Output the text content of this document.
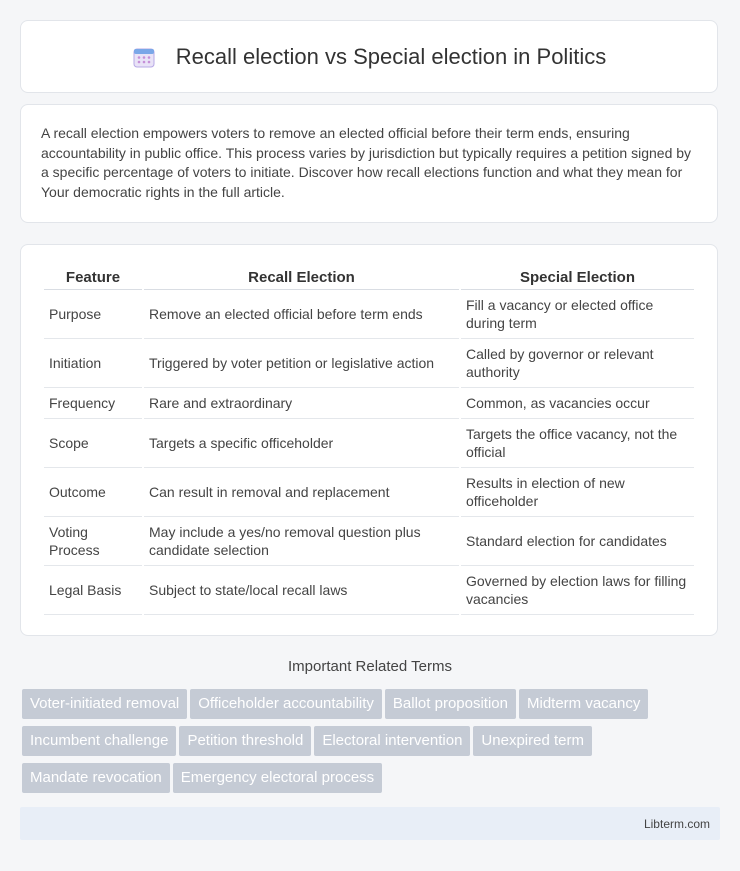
Recall election vs Special election in Politics

A recall election empowers voters to remove an elected official before their term ends, ensuring accountability in public office. This process varies by jurisdiction but typically requires a petition signed by a specific percentage of voters to initiate. Discover how recall elections function and what they mean for Your democratic rights in the full article.

Feature	Recall Election	Special Election
Purpose	Remove an elected official before term ends	Fill a vacancy or elected office during term
Initiation	Triggered by voter petition or legislative action	Called by governor or relevant authority
Frequency	Rare and extraordinary	Common, as vacancies occur
Scope	Targets a specific officeholder	Targets the office vacancy, not the official
Outcome	Can result in removal and replacement	Results in election of new officeholder
Voting Process	May include a yes/no removal question plus candidate selection	Standard election for candidates
Legal Basis	Subject to state/local recall laws	Governed by election laws for filling vacancies
Important Related Terms
Voter-initiated removal Officeholder accountability Ballot proposition Midterm vacancy
Incumbent challenge Petition threshold Electoral intervention Unexpired term
Mandate revocation Emergency electoral process
Libterm.com
